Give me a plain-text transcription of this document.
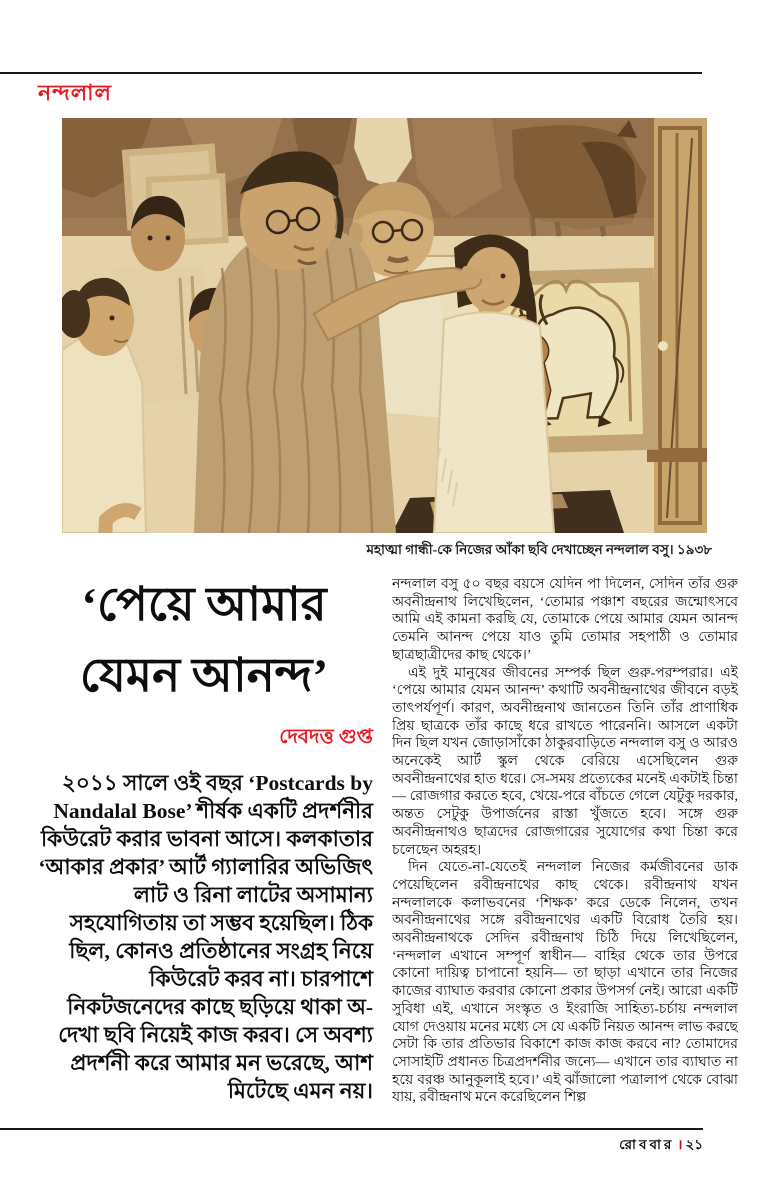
নন্দলাল
মহাত্মা গান্ধী-কে নিজের আঁকা ছবি দেখাচ্ছেন নন্দলাল বসু। ১৯৩৮
‘পেয়ে আমার
যেমন আনন্দ’
দেবদত্ত গুপ্ত
২০১১ সালে ওই বছর ‘Postcards by Nandalal Bose’ শীর্ষক একটি প্রদর্শনীর কিউরেট করার ভাবনা আসে। কলকাতার ‘আকার প্রকার’ আর্ট গ্যালারির অভিজিৎ লাট ও রিনা লাটের অসামান্য সহযোগিতায় তা সম্ভব হয়েছিল। ঠিক ছিল, কোনও প্রতিষ্ঠানের সংগ্রহ নিয়ে কিউরেট করব না। চারপাশে নিকটজনেদের কাছে ছড়িয়ে থাকা অ-দেখা ছবি নিয়েই কাজ করব। সে অবশ্য প্রদর্শনী করে আমার মন ভরেছে, আশ মিটেছে এমন নয়।

নন্দলাল বসু ৫০ বছর বয়সে যেদিন পা দিলেন, সেদিন তাঁর গুরু অবনীন্দ্রনাথ লিখেছিলেন, ‘তোমার পঞ্চাশ বছরের জন্মোৎসবে আমি এই কামনা করছি যে, তোমাকে পেয়ে আমার যেমন আনন্দ তেমনি আনন্দ পেয়ে যাও তুমি তোমার সহপাঠী ও তোমার ছাত্রছাত্রীদের কাছ থেকে।’

এই দুই মানুষের জীবনের সম্পর্ক ছিল গুরু-পরম্পরার। এই ‘পেয়ে আমার যেমন আনন্দ’ কথাটি অবনীন্দ্রনাথের জীবনে বড়ই তাৎপর্যপূর্ণ। কারণ, অবনীন্দ্রনাথ জানতেন তিনি তাঁর প্রাণাধিক প্রিয় ছাত্রকে তাঁর কাছে ধরে রাখতে পারেননি। আসলে একটা দিন ছিল যখন জোড়াসাঁকো ঠাকুরবাড়িতে নন্দলাল বসু ও আরও অনেকেই আর্ট স্কুল থেকে বেরিয়ে এসেছিলেন গুরু অবনীন্দ্রনাথের হাত ধরে। সে-সময় প্রত্যেকের মনেই একটাই চিন্তা— রোজগার করতে হবে, খেয়ে-পরে বাঁচতে গেলে যেটুকু দরকার, অন্তত সেটুকু উপার্জনের রাস্তা খুঁজতে হবে। সঙ্গে গুরু অবনীন্দ্রনাথও ছাত্রদের রোজগারের সুযোগের কথা চিন্তা করে চলেছেন অহরহ।

দিন যেতে-না-যেতেই নন্দলাল নিজের কর্মজীবনের ডাক পেয়েছিলেন রবীন্দ্রনাথের কাছ থেকে। রবীন্দ্রনাথ যখন নন্দলালকে কলাভবনের ‘শিক্ষক’ করে ডেকে নিলেন, তখন অবনীন্দ্রনাথের সঙ্গে রবীন্দ্রনাথের একটি বিরোধ তৈরি হয়। অবনীন্দ্রনাথকে সেদিন রবীন্দ্রনাথ চিঠি দিয়ে লিখেছিলেন, ‘নন্দলাল এখানে সম্পূর্ণ স্বাধীন— বাহির থেকে তার উপরে কোনো দায়িত্ব চাপানো হয়নি— তা ছাড়া এখানে তার নিজের কাজের ব্যাঘাত করবার কোনো প্রকার উপসর্গ নেই। আরো একটি সুবিধা এই, এখানে সংস্কৃত ও ইংরাজি সাহিত্য-চর্চায় নন্দলাল যোগ দেওয়ায় মনের মধ্যে সে যে একটি নিয়ত আনন্দ লাভ করছে সেটা কি তার প্রতিভার বিকাশে কাজ কাজ করবে না? তোমাদের সোসাইটি প্রধানত চিত্রপ্রদর্শনীর জন্যে— এখানে তার ব্যাঘাত না হয়ে বরঞ্চ আনুকূলাই হবে।’ এই ঝাঁজালো পত্রালাপ থেকে বোঝা যায়, রবীন্দ্রনাথ মনে করেছিলেন শিল্প

রোববার । ২১
